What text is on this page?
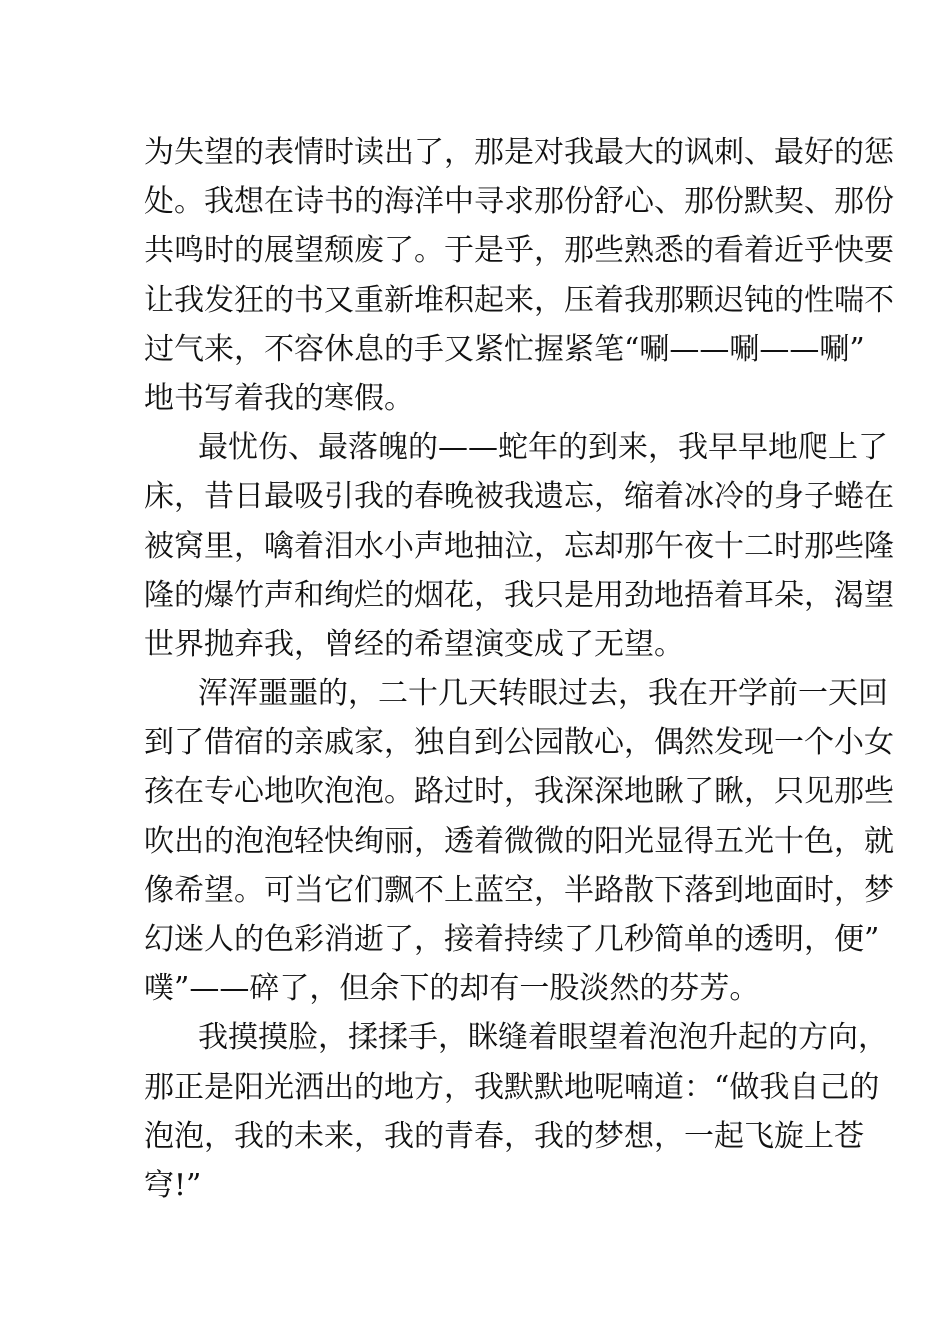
为失望的表情时读出了，那是对我最大的讽刺、最好的惩
处。我想在诗书的海洋中寻求那份舒心、那份默契、那份
共鸣时的展望颓废了。于是乎，那些熟悉的看着近乎快要
让我发狂的书又重新堆积起来，压着我那颗迟钝的性喘不
过气来，不容休息的手又紧忙握紧笔“唰——唰——唰”
地书写着我的寒假。
最忧伤、最落魄的——蛇年的到来，我早早地爬上了
床，昔日最吸引我的春晚被我遗忘，缩着冰冷的身子蜷在
被窝里，噙着泪水小声地抽泣，忘却那午夜十二时那些隆
隆的爆竹声和绚烂的烟花，我只是用劲地捂着耳朵，渴望
世界抛弃我，曾经的希望演变成了无望。
浑浑噩噩的，二十几天转眼过去，我在开学前一天回
到了借宿的亲戚家，独自到公园散心，偶然发现一个小女
孩在专心地吹泡泡。路过时，我深深地瞅了瞅，只见那些
吹出的泡泡轻快绚丽，透着微微的阳光显得五光十色，就
像希望。可当它们飘不上蓝空，半路散下落到地面时，梦
幻迷人的色彩消逝了，接着持续了几秒简单的透明，便”
噗”——碎了，但余下的却有一股淡然的芬芳。
我摸摸脸，揉揉手，眯缝着眼望着泡泡升起的方向，
那正是阳光洒出的地方，我默默地呢喃道：“做我自己的
泡泡，我的未来，我的青春，我的梦想，一起飞旋上苍
穹!”
